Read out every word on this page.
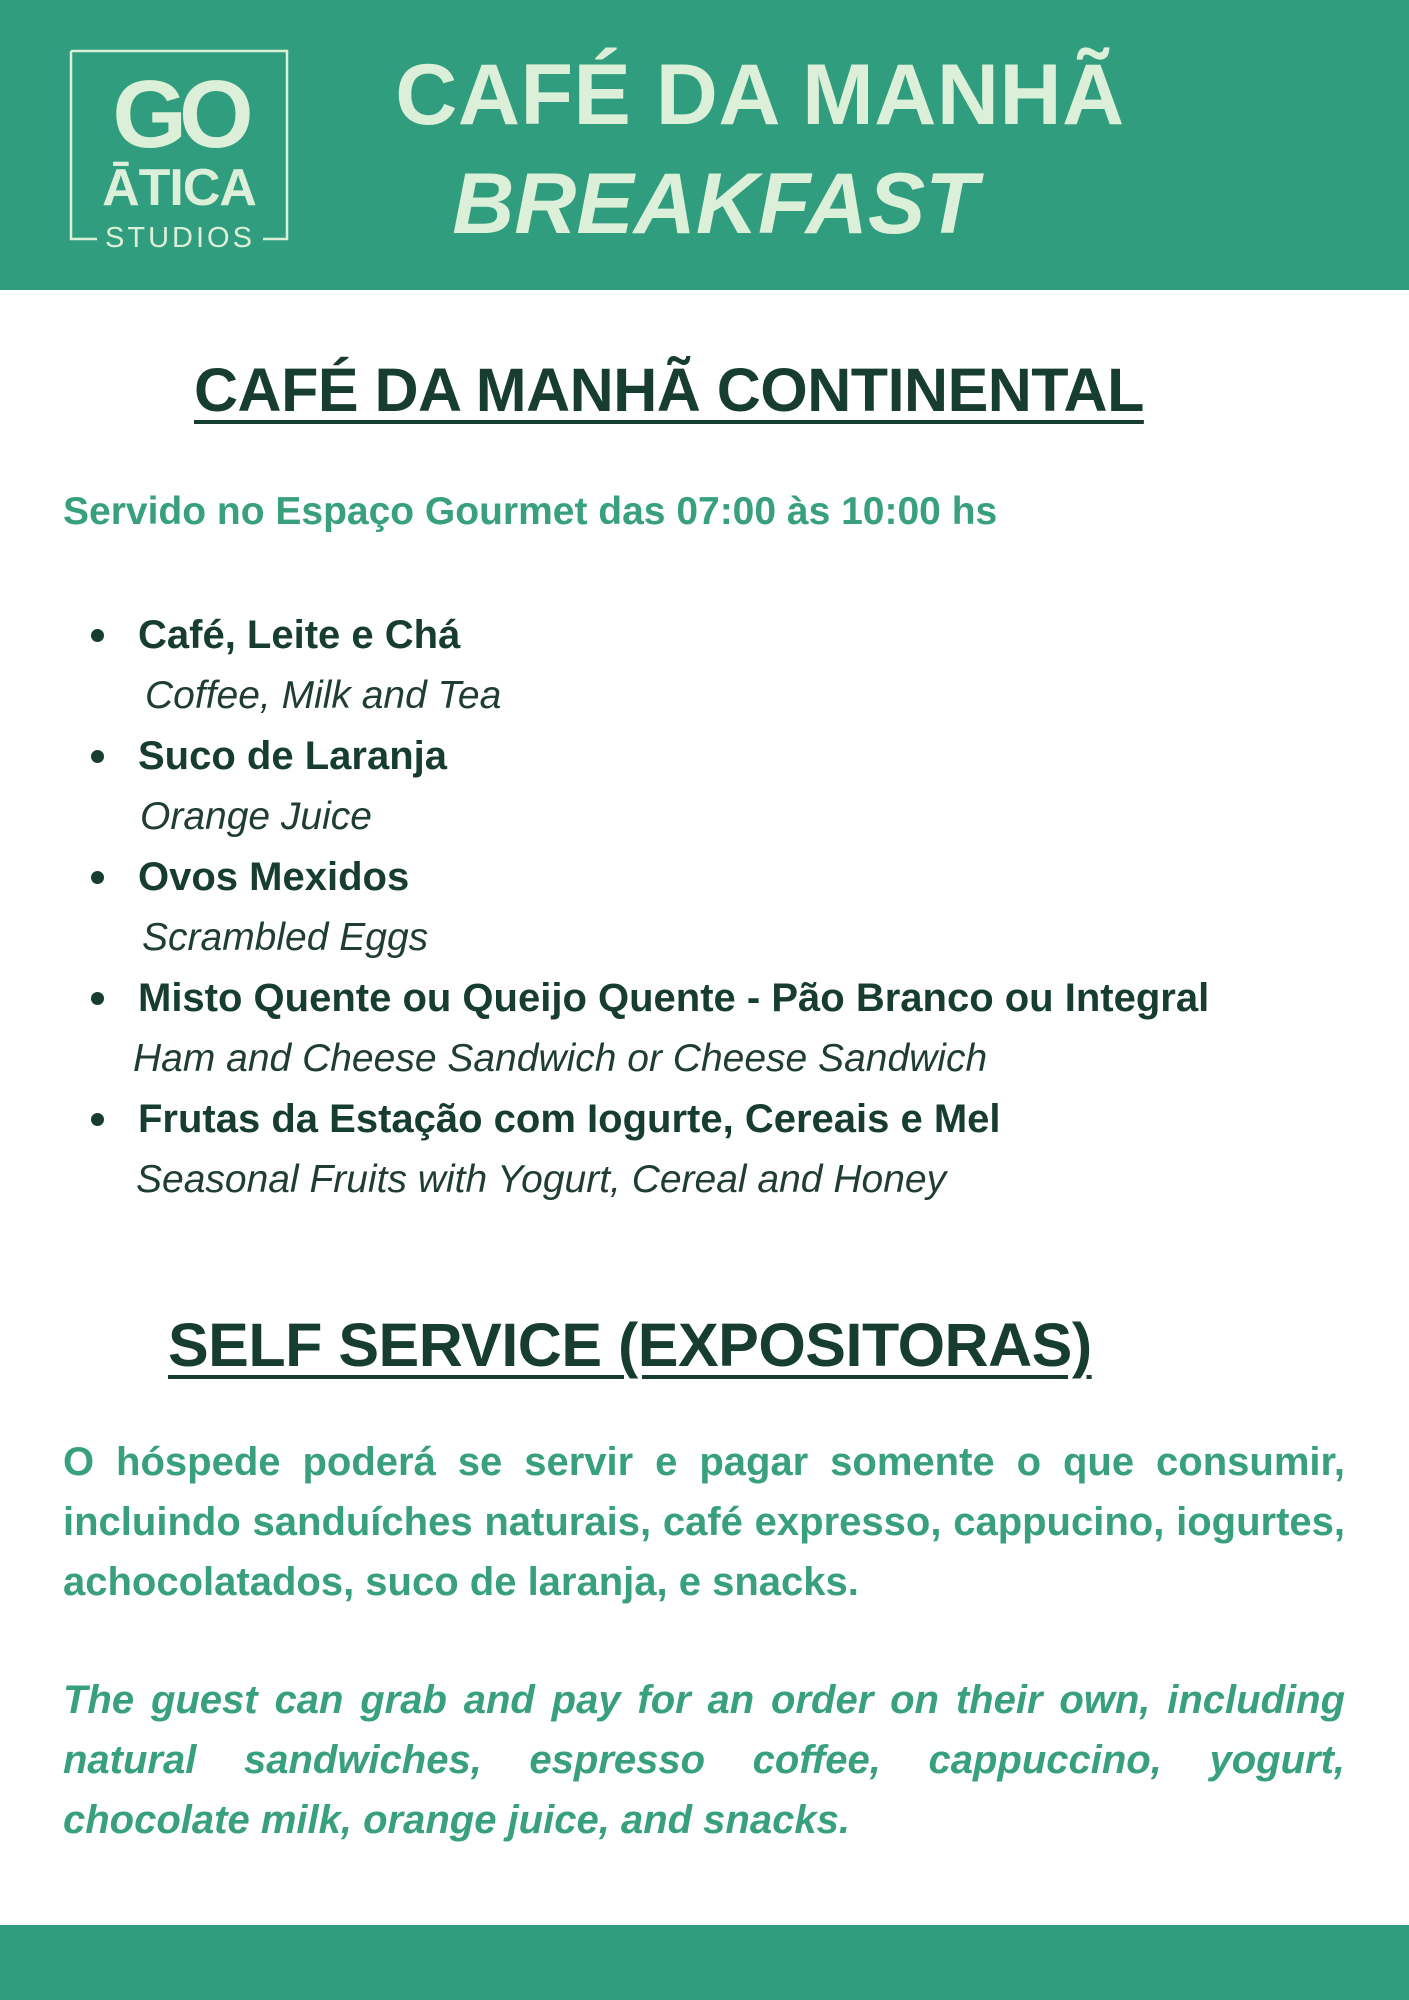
GO
ĀTICA
STUDIOS
CAFÉ DA MANHÃ
BREAKFAST
CAFÉ DA MANHÃ CONTINENTAL
Servido no Espaço Gourmet das 07:00 às 10:00 hs
Café, Leite e Chá
Coffee, Milk and Tea
Suco de Laranja
Orange Juice
Ovos Mexidos
Scrambled Eggs
Misto Quente ou Queijo Quente - Pão Branco ou Integral
Ham and Cheese Sandwich or Cheese Sandwich
Frutas da Estação com Iogurte, Cereais e Mel
Seasonal Fruits with Yogurt, Cereal and Honey
SELF SERVICE (EXPOSITORAS)

O hóspede poderá se servir e pagar somente o que consumir, incluindo sanduíches naturais, café expresso, cappucino, iogurtes, achocolatados, suco de laranja, e snacks.

The guest can grab and pay for an order on their own, including natural sandwiches, espresso coffee, cappuccino, yogurt, chocolate milk, orange juice, and snacks.
